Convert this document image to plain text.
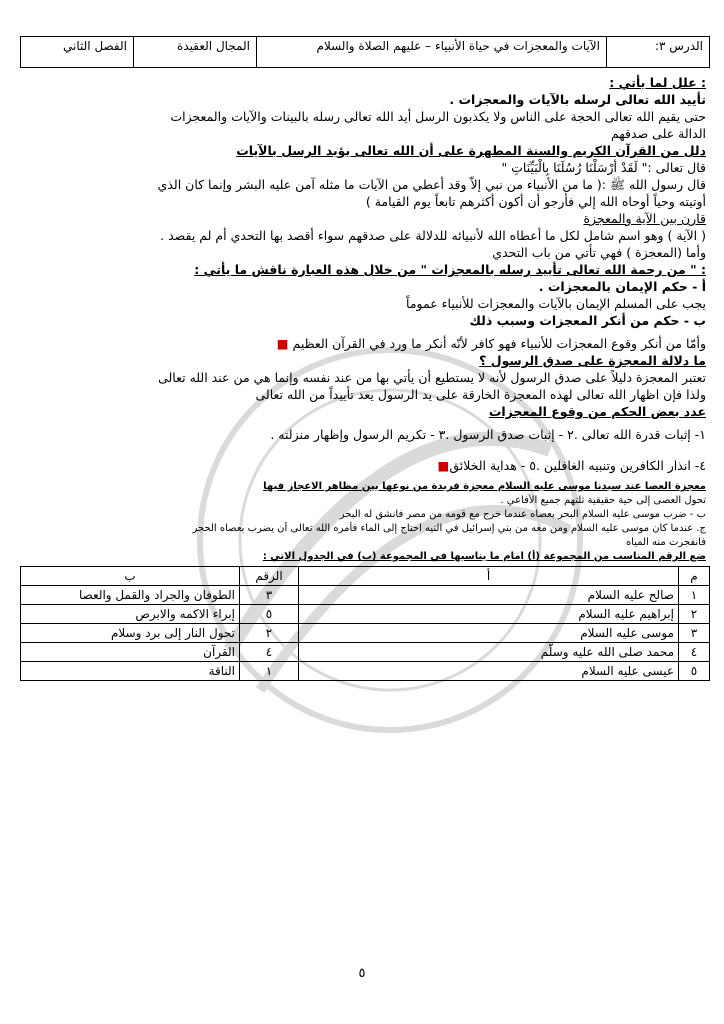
الدرس ٣:	الآيات والمعجزات في حياة الأنبياء – عليهم الصلاة والسلام	المجال العقيدة	الفصل الثاني

: علل لما يأتي :

تأييد الله تعالى لرسله بالآيات والمعجزات .

حتى يقيم الله تعالى الحجة على الناس ولا يكذبون الرسل أيد الله تعالى رسله بالبينات والآيات والمعجزات

الدالة على صدقهم

دلل من القرآن الكريم والسنة المطهرة على أن الله تعالى يؤيد الرسل بالآيات

قال تعالى :" لَقَدْ أَرْسَلْنَا رُسُلَنَا بِالْبَيِّنَاتِ "

قال رسول الله ﷺ :( ما من الأنبياء من نبي إلاّ وقد أعطي من الآيات ما مثله آمن عليه البشر وإنما كان الذي

أوتيته وحياً أوحاه الله إلي فأرجو أن أكون أكثرهم تابعاً يوم القيامة )

قارن بين الآية والمعجزة

( الآية ) وهو اسم شامل لكل ما أعطاه الله لأنبيائه للدلالة على صدقهم سواء أقصد بها التحدي أم لم يقصد .

وأما (المعجزة ) فهي تأتي من باب التحدي

: " من رحمة الله تعالى تأييد رسله بالمعجزات " من خلال هذه العبارة ناقش ما يأتي :

أ - حكم الإيمان بالمعجزات .

يجب على المسلم الإيمان بالآيات والمعجزات للأنبياء عموماً

ب - حكم من أنكر المعجزات وسبب ذلك

وأمّا من أنكر وقوع المعجزات للأنبياء فهو كافر لأنّه أنكر ما ورد في القرآن العظيم ■

ما دلالة المعجزة على صدق الرسول ؟

تعتبر المعجزة دليلاً على صدق الرسول لأنه لا يستطيع أن يأتي بها من عند نفسه وإنما هي من عند الله تعالى

ولذا فإن اظهار الله تعالى لهذه المعجزة الخارقة على يد الرسول يعد تأييداً من الله تعالى

عدد بعض الحكم من وقوع المعجزات

١- إثبات قدرة الله تعالى .٢ - إثبات صدق الرسول .٣ - تكريم الرسول وإظهار منزلته .

٤- انذار الكافرين وتنبيه الغافلين .٥ - هداية الخلائق■

معجزة العصا عند سيدنا موسى عليه السلام معجزة فريدة من نوعها بين مظاهر الاعجاز فيها

تحول العصى إلى حية حقيقية تلتهم جميع الأفاعي .

ب - ضرب موسى عليه السلام البحر بعصاه عندما خرج مع قومه من مصر فانشق له البحر

ج. عندما كان موسى عليه السلام ومن معه من بني إسرائيل في التيه احتاج إلى الماء فأمره الله تعالى أن يضرب بعصاه الحجر

فانفجرت منه المياه

ضع الرقم المناسب من المجموعة (أ) امام ما يناسبها في المجموعة (ب) في الجدول الاتي :

م	أ	الرقم	ب
١	صالح عليه السلام	٣	الطوفان والجراد والقمل والعصا
٢	إبراهيم عليه السلام	٥	إبراء الاكمه والابرص
٣	موسى عليه السلام	٢	تحول النار إلى برد وسلام
٤	محمد صلى الله عليه وسلّم	٤	القرآن
٥	عيسى عليه السلام	١	الناقة
٥
